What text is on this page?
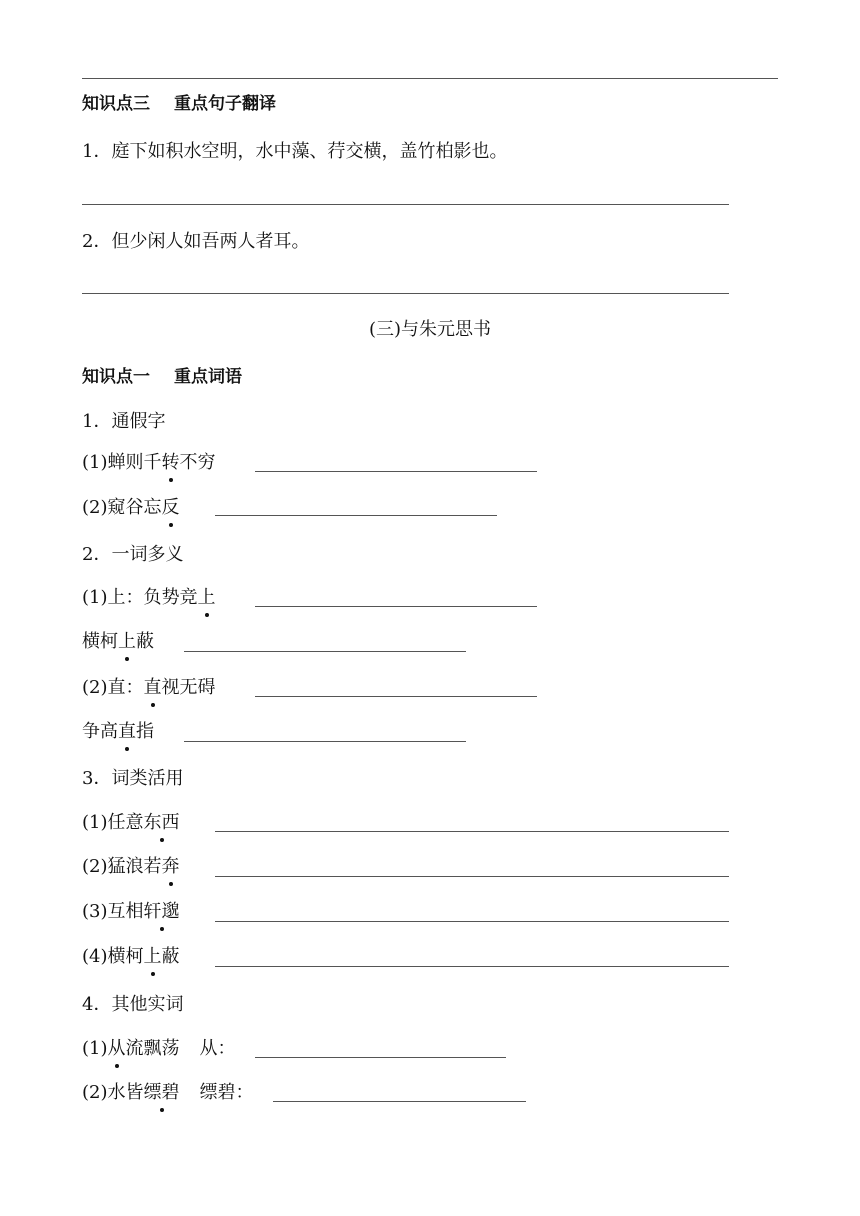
知识点三 重点句子翻译
1．庭下如积水空明，水中藻、荇交横，盖竹柏影也。
2．但少闲人如吾两人者耳。
(三)与朱元思书
知识点一 重点词语
1．通假字
(1)蝉则千转不穷
(2)窥谷忘反
2．一词多义
(1)上：负势竞上
横柯上蔽
(2)直：直视无碍
争高直指
3．词类活用
(1)任意东西
(2)猛浪若奔
(3)互相轩邈
(4)横柯上蔽
4．其他实词
(1)从流飘荡 从：
(2)水皆缥碧 缥碧：
